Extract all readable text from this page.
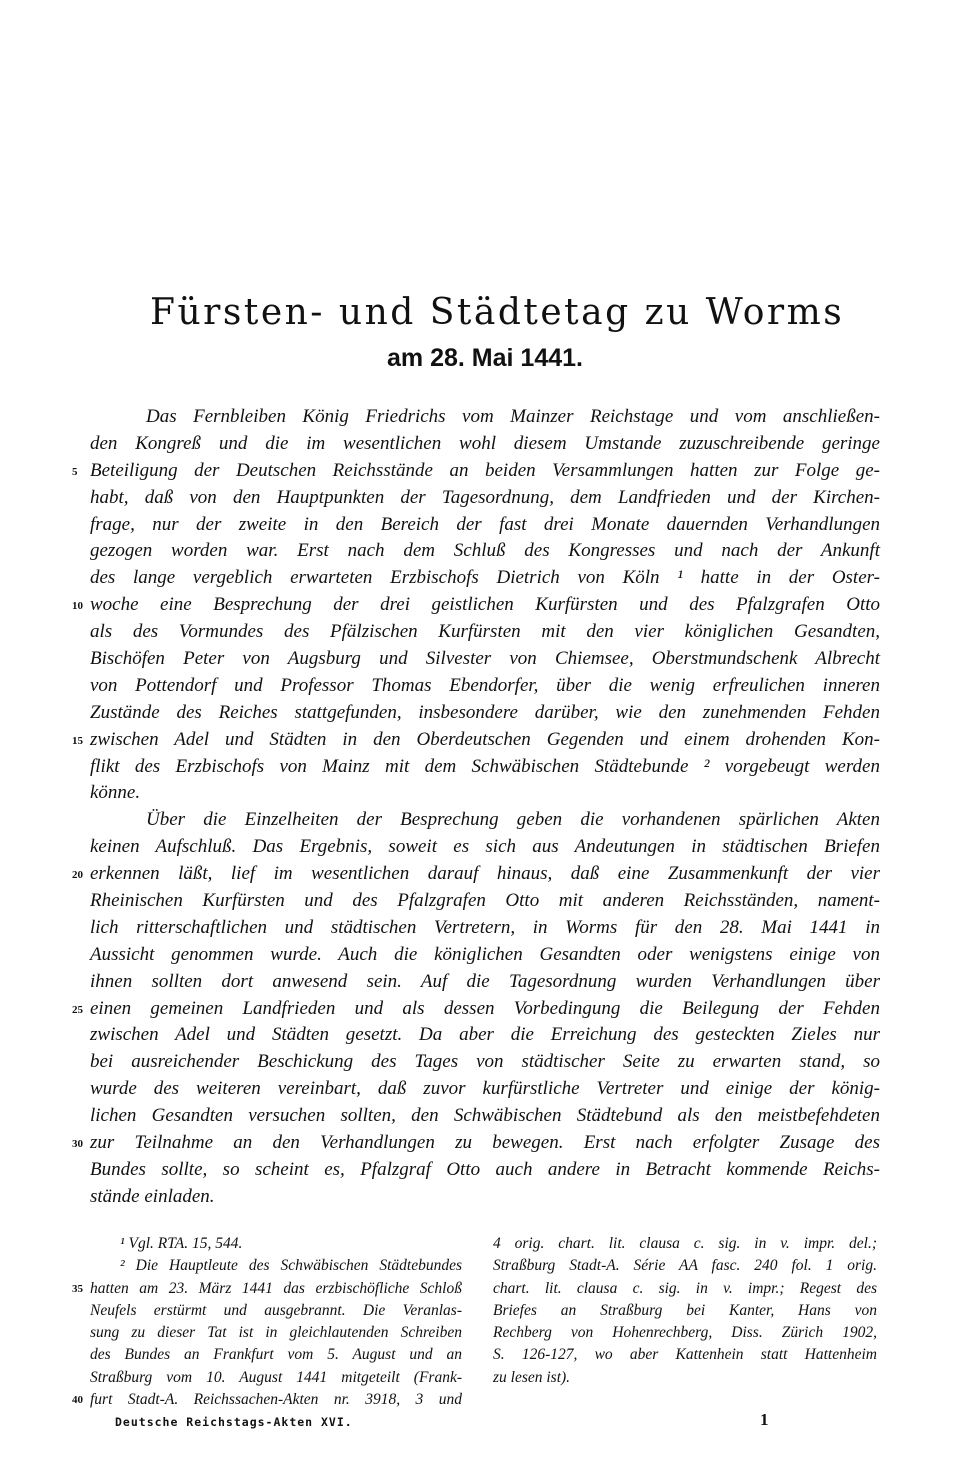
Fürsten- und Städtetag zu Worms
am 28. Mai 1441.
Das Fernbleiben König Friedrichs vom Mainzer Reichstage und vom anschließen-
den Kongreß und die im wesentlichen wohl diesem Umstande zuzuschreibende geringe
5 Beteiligung der Deutschen Reichsstände an beiden Versammlungen hatten zur Folge ge-
habt, daß von den Hauptpunkten der Tagesordnung, dem Landfrieden und der Kirchen-
frage, nur der zweite in den Bereich der fast drei Monate dauernden Verhandlungen
gezogen worden war. Erst nach dem Schluß des Kongresses und nach der Ankunft
des lange vergeblich erwarteten Erzbischofs Dietrich von Köln ¹ hatte in der Oster-
10 woche eine Besprechung der drei geistlichen Kurfürsten und des Pfalzgrafen Otto
als des Vormundes des Pfälzischen Kurfürsten mit den vier königlichen Gesandten,
Bischöfen Peter von Augsburg und Silvester von Chiemsee, Oberstmundschenk Albrecht
von Pottendorf und Professor Thomas Ebendorfer, über die wenig erfreulichen inneren
Zustände des Reiches stattgefunden, insbesondere darüber, wie den zunehmenden Fehden
15 zwischen Adel und Städten in den Oberdeutschen Gegenden und einem drohenden Kon-
flikt des Erzbischofs von Mainz mit dem Schwäbischen Städtebunde ² vorgebeugt werden
könne.
Über die Einzelheiten der Besprechung geben die vorhandenen spärlichen Akten
keinen Aufschluß. Das Ergebnis, soweit es sich aus Andeutungen in städtischen Briefen
20 erkennen läßt, lief im wesentlichen darauf hinaus, daß eine Zusammenkunft der vier
Rheinischen Kurfürsten und des Pfalzgrafen Otto mit anderen Reichsständen, nament-
lich ritterschaftlichen und städtischen Vertretern, in Worms für den 28. Mai 1441 in
Aussicht genommen wurde. Auch die königlichen Gesandten oder wenigstens einige von
ihnen sollten dort anwesend sein. Auf die Tagesordnung wurden Verhandlungen über
25 einen gemeinen Landfrieden und als dessen Vorbedingung die Beilegung der Fehden
zwischen Adel und Städten gesetzt. Da aber die Erreichung des gesteckten Zieles nur
bei ausreichender Beschickung des Tages von städtischer Seite zu erwarten stand, so
wurde des weiteren vereinbart, daß zuvor kurfürstliche Vertreter und einige der könig-
lichen Gesandten versuchen sollten, den Schwäbischen Städtebund als den meistbefehdeten
30 zur Teilnahme an den Verhandlungen zu bewegen. Erst nach erfolgter Zusage des
Bundes sollte, so scheint es, Pfalzgraf Otto auch andere in Betracht kommende Reichs-
stände einladen.
¹ Vgl. RTA. 15, 544.
² Die Hauptleute des Schwäbischen Städtebundes
35 hatten am 23. März 1441 das erzbischöfliche Schloß
Neufels erstürmt und ausgebrannt. Die Veranlas-
sung zu dieser Tat ist in gleichlautenden Schreiben
des Bundes an Frankfurt vom 5. August und an
Straßburg vom 10. August 1441 mitgeteilt (Frank-
40 furt Stadt-A. Reichssachen-Akten nr. 3918, 3 und
4 orig. chart. lit. clausa c. sig. in v. impr. del.;
Straßburg Stadt-A. Série AA fasc. 240 fol. 1 orig.
chart. lit. clausa c. sig. in v. impr.; Regest des
Briefes an Straßburg bei Kanter, Hans von
Rechberg von Hohenrechberg, Diss. Zürich 1902,
S. 126-127, wo aber Kattenhein statt Hattenheim
zu lesen ist).
Deutsche Reichstags-Akten XVI.	1
